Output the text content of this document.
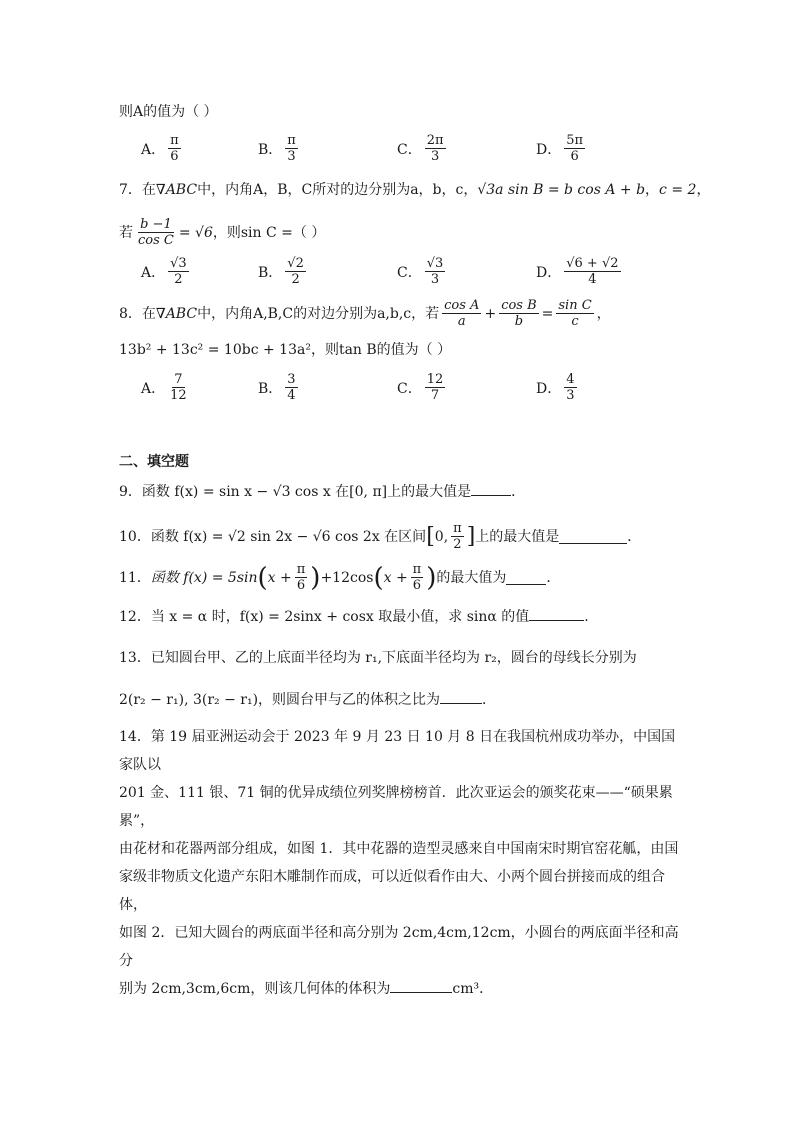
则A的值为（ ）
A． $\frac{\pi}{6}$	B． $\frac{\pi}{3}$	C． $\frac{2\pi}{3}$	D． $\frac{5\pi}{6}$
7．在∇ABC中，内角A，B，C所对的边分别为a，b，c，√3a sin B = b cos A + b，c = 2，
若 $\frac{b -1}{\text{cos C}} = √6$ ，则sin C =（ ）
A． $\frac{√3}{2}$	B． $\frac{√2}{2}$	C． $\frac{√3}{3}$	D． $\frac{√6 + √2}{4}$
8． 在 ∇ABC 中，内角A,B,C的对边分别为a,b,c，若 $\frac{\text{cos A}}{a} + \frac{\text{cos B}}{b} = \frac{\text{sin C}}{c}$ ，
13b² + 13c² = 10bc + 13a²，则tan B的值为（ ）
A． $\frac{7}{12}$	B． $\frac{3}{4}$	C． $\frac{12}{7}$	D． $\frac{4}{3}$
二、填空题
9．函数 f(x) = sin x − √3 cos x 在[0, π]上的最大值是	．
10． 函数 f(x) = √2 sin 2x − √6 cos 2x 在区间 [ 0, $\frac{\pi}{2}$ ] 上的最大值是	．
11． 函数 f(x) = 5sin ( $x + \frac{\pi}{6}$ ) +12cos ( $x + \frac{\pi}{6}$ ) 的最大值为	．
12．当 x = α 时，f(x) = 2sinx + cosx 取最小值，求 sinα 的值	.
13．已知圆台甲、乙的上底面半径均为 r₁,下底面半径均为 r₂，圆台的母线长分别为
2(r₂ − r₁), 3(r₂ − r₁)，则圆台甲与乙的体积之比为	．
14．第 19 届亚洲运动会于 2023 年 9 月 23 日 10 月 8 日在我国杭州成功举办，中国国家队以
201 金、111 银、71 铜的优异成绩位列奖牌榜榜首．此次亚运会的颁奖花束——“硕果累累”，
由花材和花器两部分组成，如图 1．其中花器的造型灵感来自中国南宋时期官窑花觚，由国
家级非物质文化遗产东阳木雕制作而成，可以近似看作由大、小两个圆台拼接而成的组合体，
如图 2．已知大圆台的两底面半径和高分别为 2cm,4cm,12cm，小圆台的两底面半径和高分
别为 2cm,3cm,6cm，则该几何体的体积为	cm³．
